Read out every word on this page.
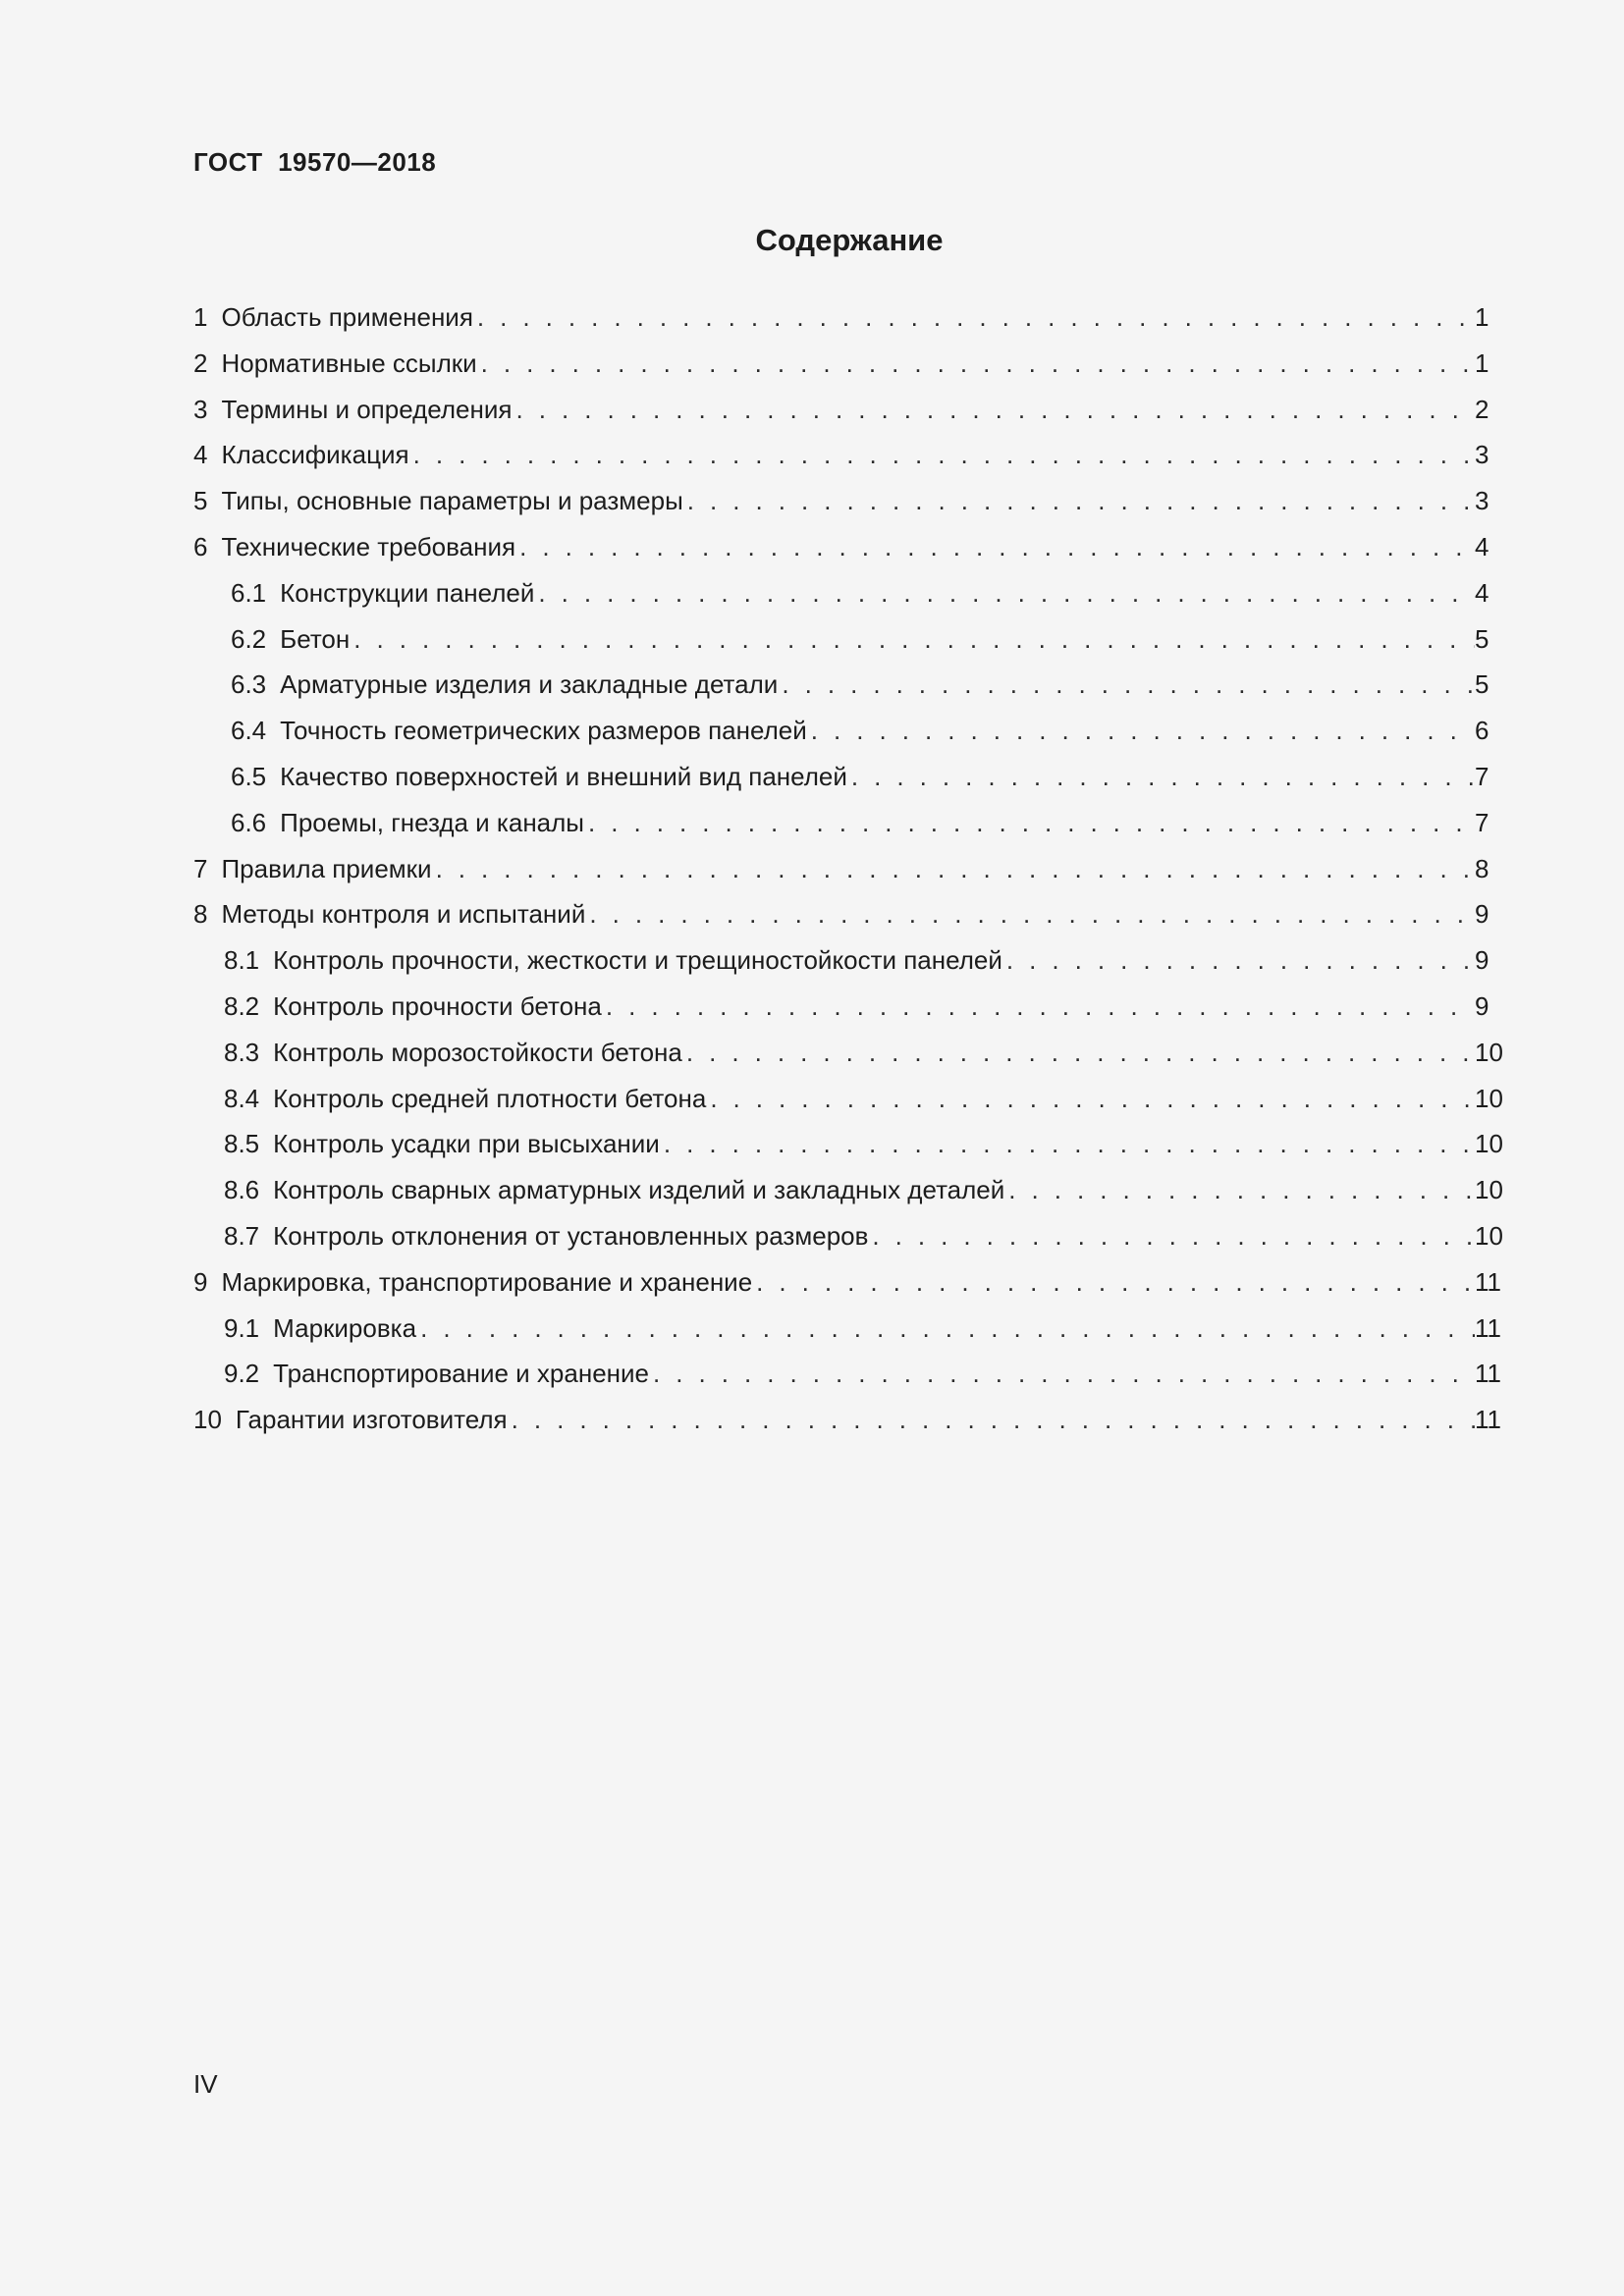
ГОСТ  19570—2018
Содержание
1 Область применения . . .	1
2 Нормативные ссылки . . .	1
3 Термины и определения . . .	2
4 Классификация . . .	3
5 Типы, основные параметры и размеры . . .	3
6 Технические требования . . .	4
6.1 Конструкции панелей . . .	4
6.2 Бетон . . .	5
6.3 Арматурные изделия и закладные детали . . .	5
6.4 Точность геометрических размеров панелей . . .	6
6.5 Качество поверхностей и внешний вид панелей . . .	7
6.6 Проемы, гнезда и каналы . . .	7
7 Правила приемки . . .	8
8 Методы контроля и испытаний . . .	9
8.1 Контроль прочности, жесткости и трещиностойкости панелей . . .	9
8.2 Контроль прочности бетона . . .	9
8.3 Контроль морозостойкости бетона . . .	10
8.4 Контроль средней плотности бетона . . .	10
8.5 Контроль усадки при высыхании . . .	10
8.6 Контроль сварных арматурных изделий и закладных деталей . . .	10
8.7 Контроль отклонения от установленных размеров . . .	10
9 Маркировка, транспортирование и хранение . . .	11
9.1 Маркировка . . .	11
9.2 Транспортирование и хранение . . .	11
10 Гарантии изготовителя . . .	11
IV
